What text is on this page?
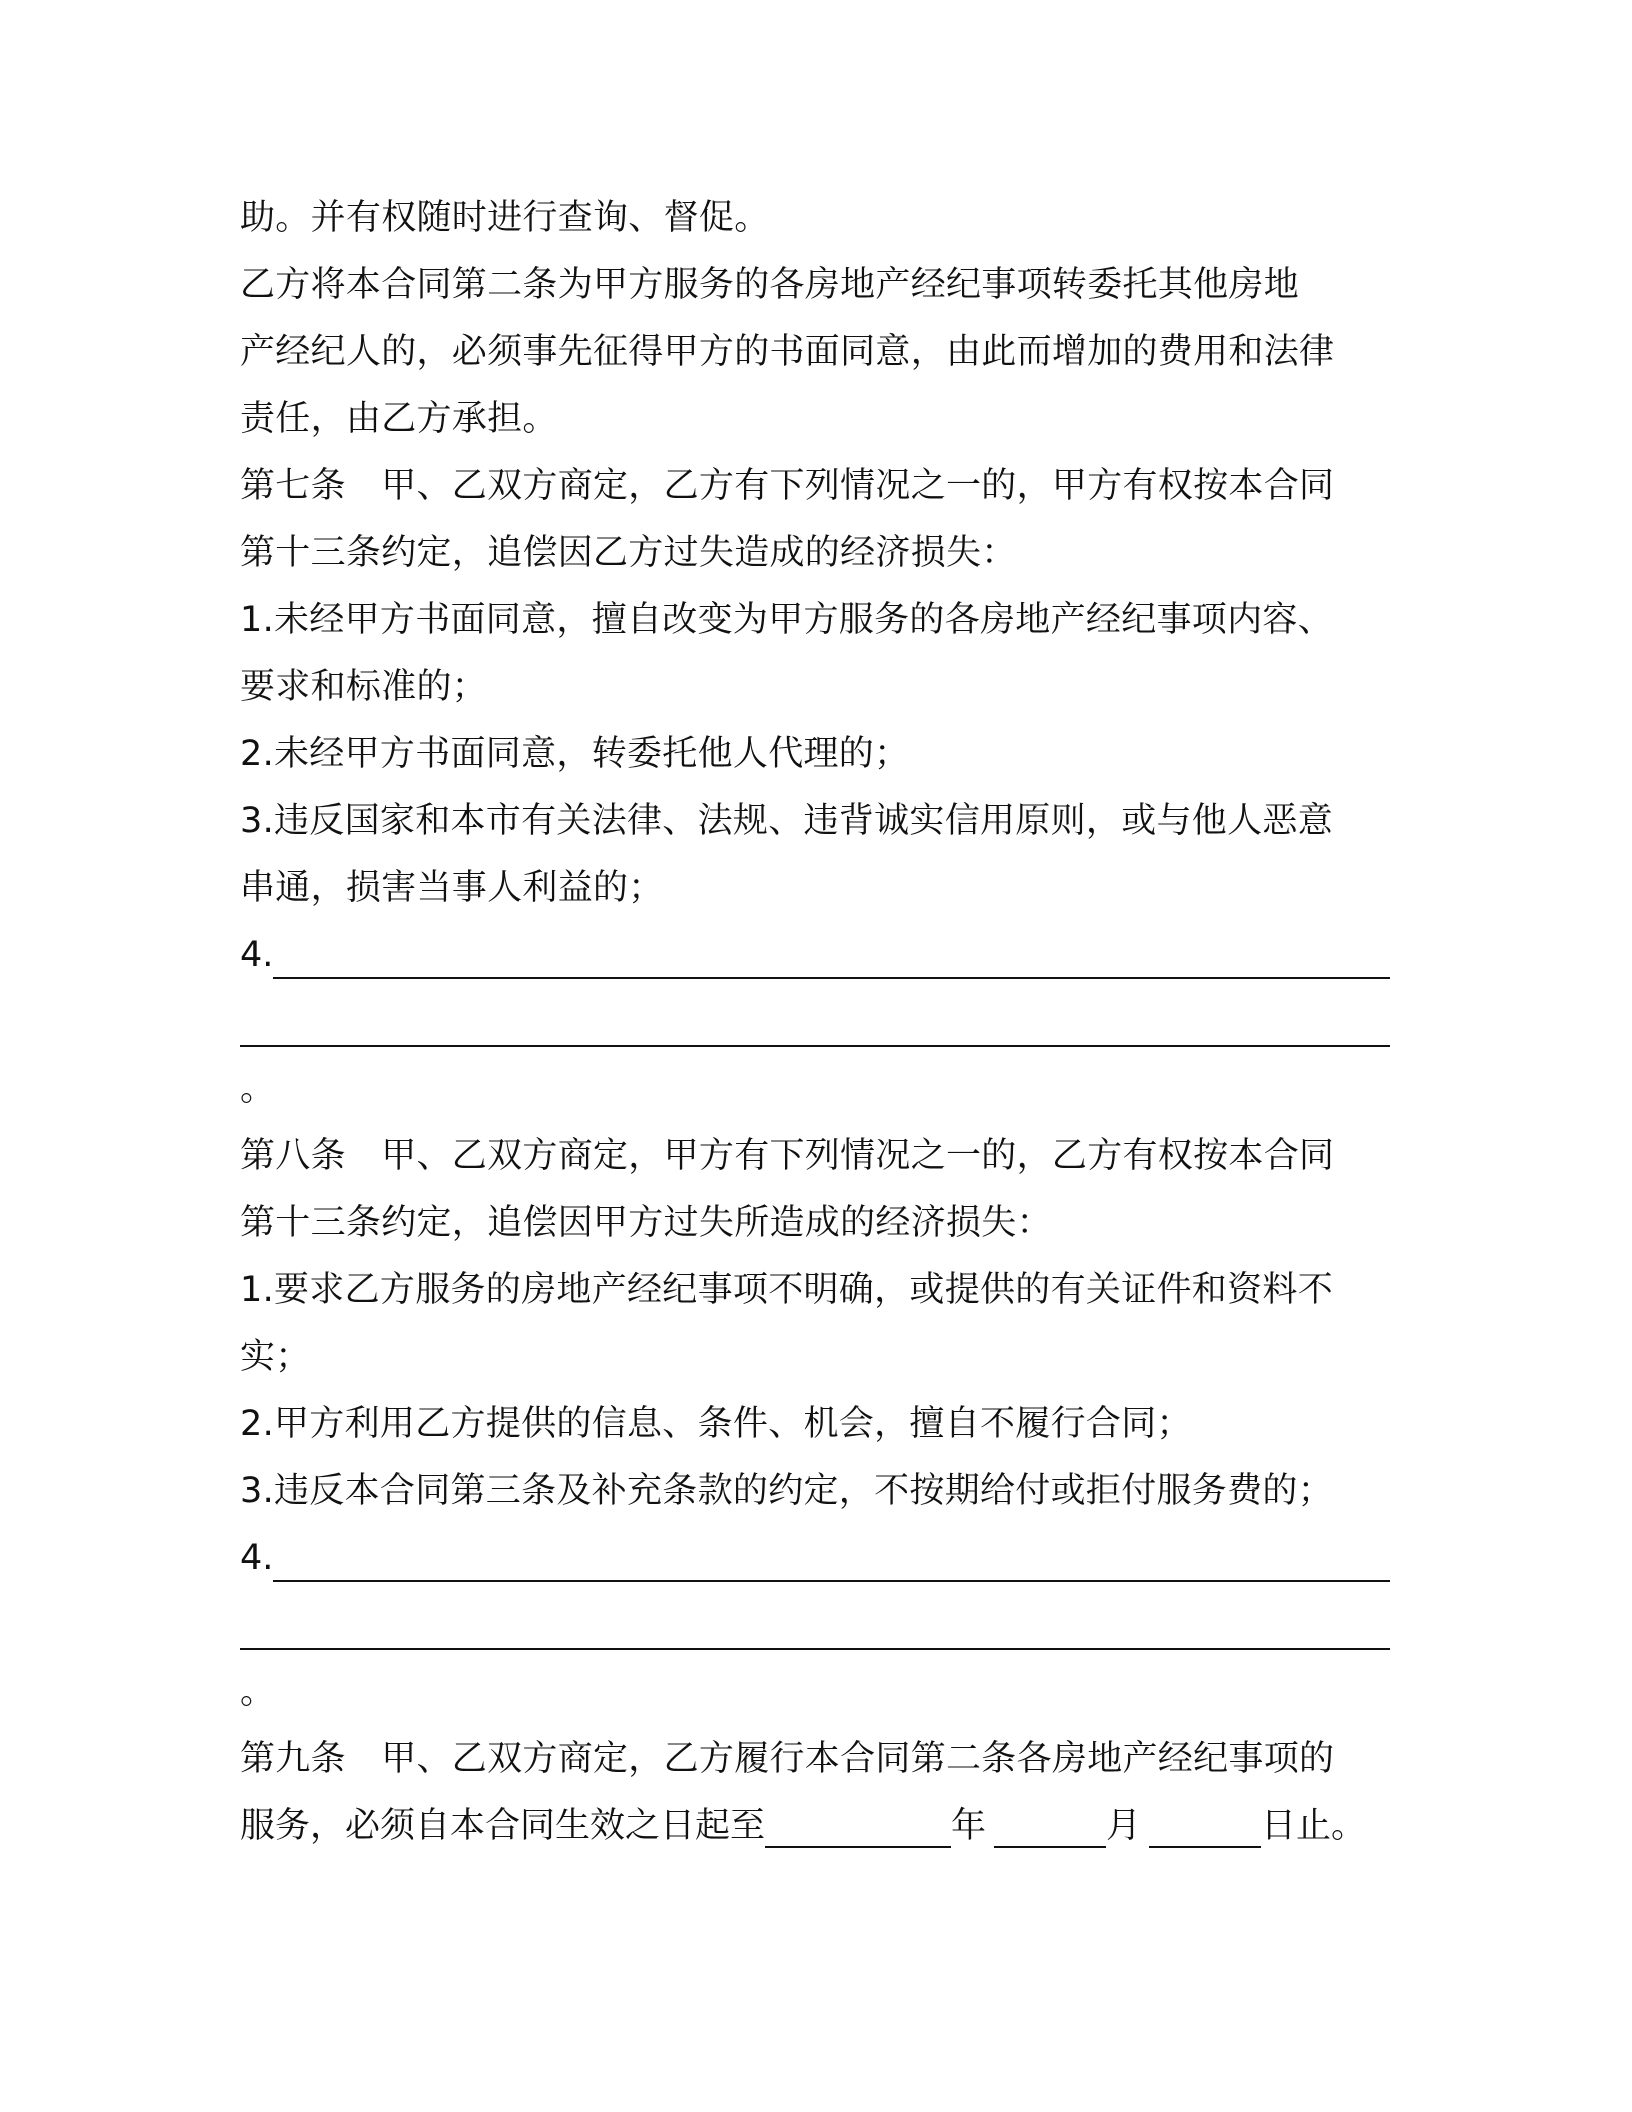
助。并有权随时进行查询、督促。
乙方将本合同第二条为甲方服务的各房地产经纪事项转委托其他房地
产经纪人的，必须事先征得甲方的书面同意，由此而增加的费用和法律
责任，由乙方承担。
第七条　甲、乙双方商定，乙方有下列情况之一的，甲方有权按本合同
第十三条约定，追偿因乙方过失造成的经济损失：
1.未经甲方书面同意，擅自改变为甲方服务的各房地产经纪事项内容、
要求和标准的；
2.未经甲方书面同意，转委托他人代理的；
3.违反国家和本市有关法律、法规、违背诚实信用原则，或与他人恶意
串通，损害当事人利益的；
4.
。
第八条　甲、乙双方商定，甲方有下列情况之一的，乙方有权按本合同
第十三条约定，追偿因甲方过失所造成的经济损失：
1.要求乙方服务的房地产经纪事项不明确，或提供的有关证件和资料不
实；
2.甲方利用乙方提供的信息、条件、机会，擅自不履行合同；
3.违反本合同第三条及补充条款的约定，不按期给付或拒付服务费的；
4.
。
第九条　甲、乙双方商定，乙方履行本合同第二条各房地产经纪事项的
服务，必须自本合同生效之日起至	年	月	日止。
